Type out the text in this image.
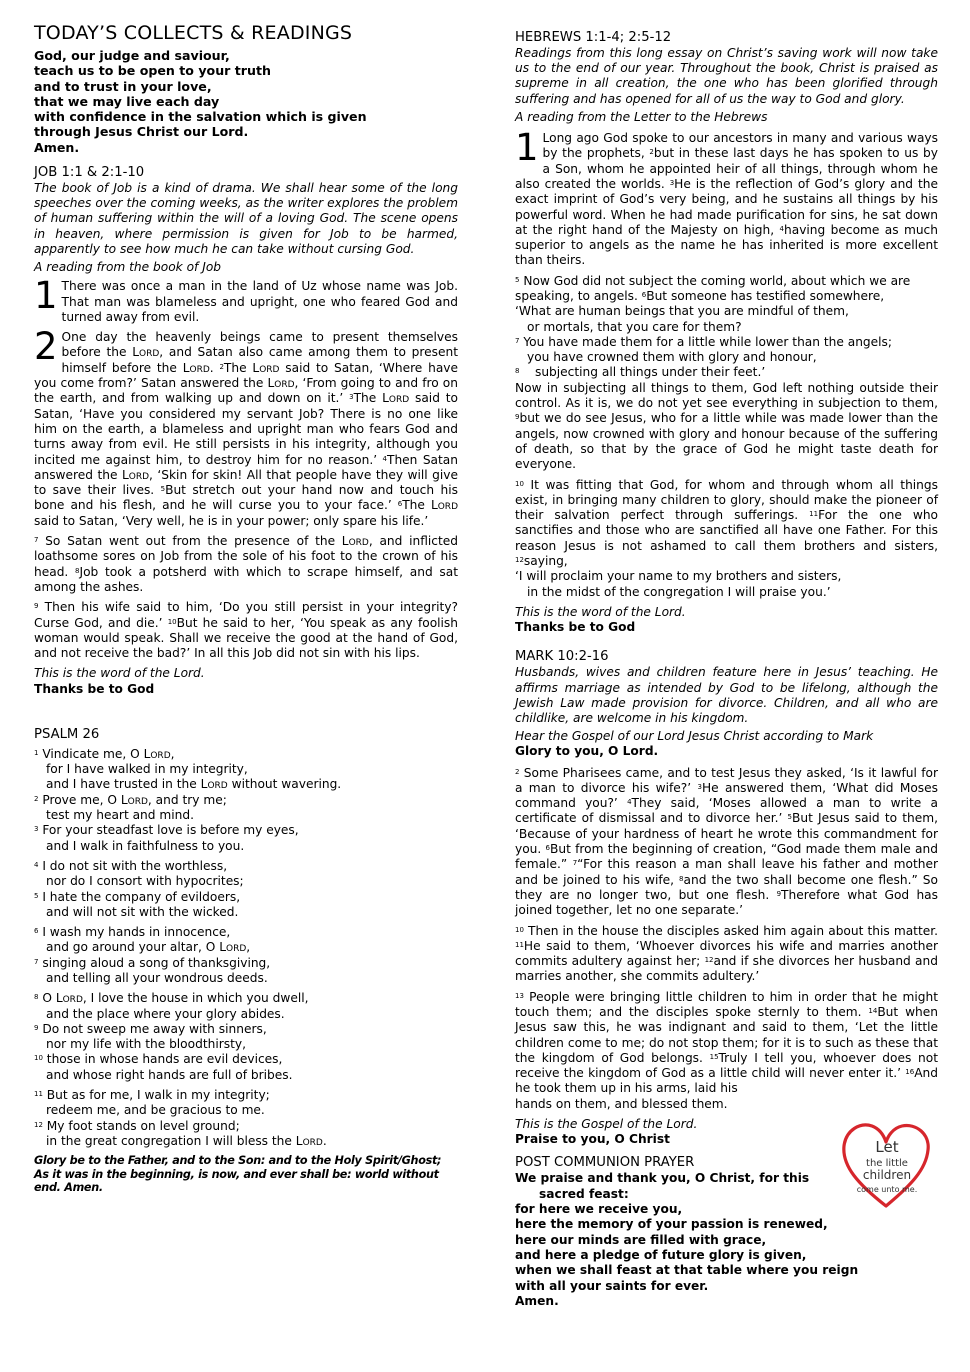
TODAY’S COLLECTS & READINGS
God, our judge and saviour,
teach us to be open to your truth
and to trust in your love,
that we may live each day
with confidence in the salvation which is given
through Jesus Christ our Lord.
Amen.
JOB 1:1 & 2:1-10
The book of Job is a kind of drama. We shall hear some of the long speeches over the coming weeks, as the writer explores the problem of human suffering within the will of a loving God. The scene opens in heaven, where permission is given for Job to be harmed, apparently to see how much he can take without cursing God.
A reading from the book of Job

1 There was once a man in the land of Uz whose name was Job. That man was blameless and upright, one who feared God and turned away from evil.

2 One day the heavenly beings came to present themselves before the Lord, and Satan also came among them to present himself before the Lord. $^2$The Lord said to Satan, ‘Where have you come from?’ Satan answered the Lord, ‘From going to and fro on the earth, and from walking up and down on it.’ $^3$The Lord said to Satan, ‘Have you considered my servant Job? There is no one like him on the earth, a blameless and upright man who fears God and turns away from evil. He still persists in his integrity, although you incited me against him, to destroy him for no reason.’ $^4$Then Satan answered the Lord, ‘Skin for skin! All that people have they will give to save their lives. $^5$But stretch out your hand now and touch his bone and his flesh, and he will curse you to your face.’ $^6$The Lord said to Satan, ‘Very well, he is in your power; only spare his life.’

$^7$ So Satan went out from the presence of the Lord, and inflicted loathsome sores on Job from the sole of his foot to the crown of his head. $^8$Job took a potsherd with which to scrape himself, and sat among the ashes.

$^9$ Then his wife said to him, ‘Do you still persist in your integrity? Curse God, and die.’ $^{10}$But he said to her, ‘You speak as any foolish woman would speak. Shall we receive the good at the hand of God, and not receive the bad?’ In all this Job did not sin with his lips.

This is the word of the Lord.
Thanks be to God
PSALM 26
$^1$ Vindicate me, O Lord,
for I have walked in my integrity,
and I have trusted in the Lord without wavering.
$^2$ Prove me, O Lord, and try me;
test my heart and mind.
$^3$ For your steadfast love is before my eyes,
and I walk in faithfulness to you.
$^4$ I do not sit with the worthless,
nor do I consort with hypocrites;
$^5$ I hate the company of evildoers,
and will not sit with the wicked.
$^6$ I wash my hands in innocence,
and go around your altar, O Lord,
$^7$ singing aloud a song of thanksgiving,
and telling all your wondrous deeds.
$^8$ O Lord, I love the house in which you dwell,
and the place where your glory abides.
$^9$ Do not sweep me away with sinners,
nor my life with the bloodthirsty,
$^{10}$ those in whose hands are evil devices,
and whose right hands are full of bribes.
$^{11}$ But as for me, I walk in my integrity;
redeem me, and be gracious to me.
$^{12}$ My foot stands on level ground;
in the great congregation I will bless the Lord.
Glory be to the Father, and to the Son: and to the Holy Spirit/Ghost; As it was in the beginning, is now, and ever shall be: world without end. Amen.
HEBREWS 1:1-4; 2:5-12
Readings from this long essay on Christ’s saving work will now take us to the end of our year. Throughout the book, Christ is praised as supreme in all creation, the one who has been glorified through suffering and has opened for all of us the way to God and glory.
A reading from the Letter to the Hebrews

1 Long ago God spoke to our ancestors in many and various ways by the prophets, $^2$but in these last days he has spoken to us by a Son, whom he appointed heir of all things, through whom he also created the worlds. $^3$He is the reflection of God’s glory and the exact imprint of God’s very being, and he sustains all things by his powerful word. When he had made purification for sins, he sat down at the right hand of the Majesty on high, $^4$having become as much superior to angels as the name he has inherited is more excellent than theirs.

$^5$ Now God did not subject the coming world, about which we are speaking, to angels. $^6$But someone has testified somewhere,
‘What are human beings that you are mindful of them,
or mortals, that you care for them?
$^7$ You have made them for a little while lower than the angels;
you have crowned them with glory and honour,
$^8$    subjecting all things under their feet.’

Now in subjecting all things to them, God left nothing outside their control. As it is, we do not yet see everything in subjection to them, $^9$but we do see Jesus, who for a little while was made lower than the angels, now crowned with glory and honour because of the suffering of death, so that by the grace of God he might taste death for everyone.

$^{10}$ It was fitting that God, for whom and through whom all things exist, in bringing many children to glory, should make the pioneer of their salvation perfect through sufferings. $^{11}$For the one who sanctifies and those who are sanctified all have one Father. For this reason Jesus is not ashamed to call them brothers and sisters, $^{12}$saying,

‘I will proclaim your name to my brothers and sisters,
in the midst of the congregation I will praise you.’
This is the word of the Lord.
Thanks be to God
MARK 10:2-16
Husbands, wives and children feature here in Jesus’ teaching. He affirms marriage as intended by God to be lifelong, although the Jewish Law made provision for divorce. Children, and all who are childlike, are welcome in his kingdom.
Hear the Gospel of our Lord Jesus Christ according to Mark
Glory to you, O Lord.

$^2$ Some Pharisees came, and to test Jesus they asked, ‘Is it lawful for a man to divorce his wife?’ $^3$He answered them, ‘What did Moses command you?’ $^4$They said, ‘Moses allowed a man to write a certificate of dismissal and to divorce her.’ $^5$But Jesus said to them, ‘Because of your hardness of heart he wrote this commandment for you. $^6$But from the beginning of creation, “God made them male and female.” $^7$“For this reason a man shall leave his father and mother and be joined to his wife, $^8$and the two shall become one flesh.” So they are no longer two, but one flesh. $^9$Therefore what God has joined together, let no one separate.’

$^{10}$ Then in the house the disciples asked him again about this matter. $^{11}$He said to them, ‘Whoever divorces his wife and marries another commits adultery against her; $^{12}$and if she divorces her husband and marries another, she commits adultery.’

$^{13}$ People were bringing little children to him in order that he might touch them; and the disciples spoke sternly to them. $^{14}$But when Jesus saw this, he was indignant and said to them, ‘Let the little children come to me; do not stop them; for it is to such as these that the kingdom of God belongs. $^{15}$Truly I tell you, whoever does not receive the kingdom of God as a little child will never enter it.’ $^{16}$And he took them up in his arms, laid his
hands on them, and blessed them.

This is the Gospel of the Lord.
Praise to you, O Christ
POST COMMUNION PRAYER
We praise and thank you, O Christ, for this
sacred feast:
for here we receive you,
here the memory of your passion is renewed,
here our minds are filled with grace,
and here a pledge of future glory is given,
when we shall feast at that table where you reign
with all your saints for ever.
Amen.
Let
the little
children
come unto me.
